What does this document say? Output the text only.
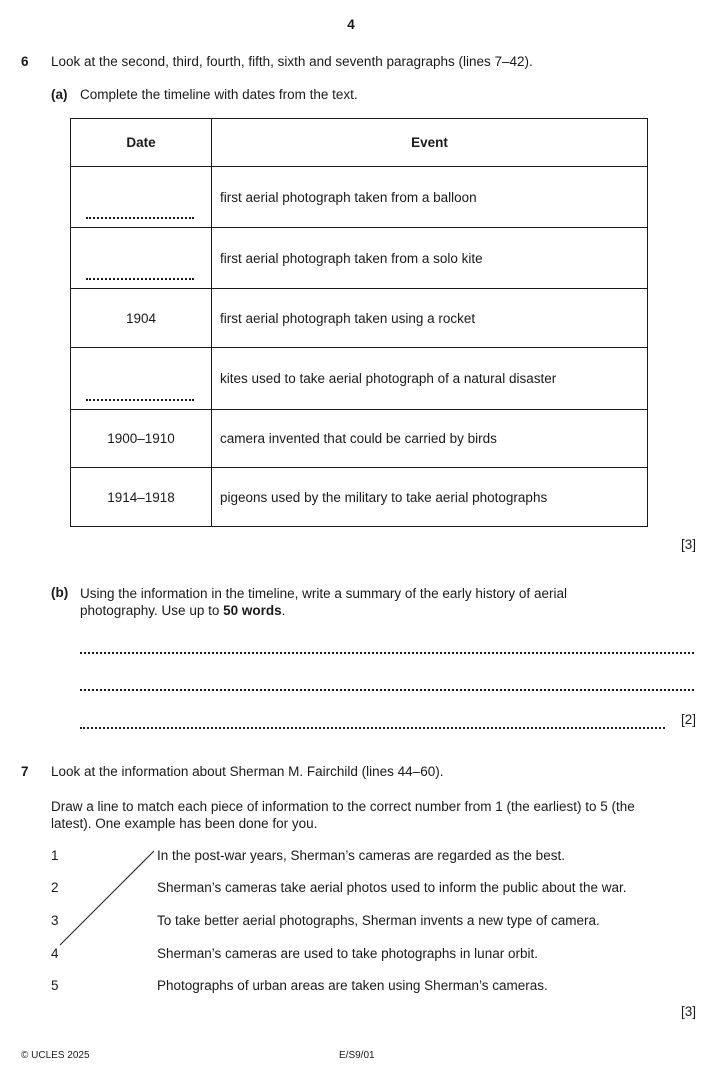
4
6 Look at the second, third, fourth, fifth, sixth and seventh paragraphs (lines 7–42).
(a) Complete the timeline with dates from the text.
Date	Event

	first aerial photograph taken from a balloon

	first aerial photograph taken from a solo kite
1904	first aerial photograph taken using a rocket

	kites used to take aerial photograph of a natural disaster
1900–1910	camera invented that could be carried by birds
1914–1918	pigeons used by the military to take aerial photographs
[3]
(b) Using the information in the timeline, write a summary of the early history of aerial photography. Use up to 50 words.
[2]
7 Look at the information about Sherman M. Fairchild (lines 44–60).
Draw a line to match each piece of information to the correct number from 1 (the earliest) to 5 (the latest). One example has been done for you.
1
2
3
4
5
In the post-war years, Sherman’s cameras are regarded as the best.
Sherman’s cameras take aerial photos used to inform the public about the war.
To take better aerial photographs, Sherman invents a new type of camera.
Sherman’s cameras are used to take photographs in lunar orbit.
Photographs of urban areas are taken using Sherman’s cameras.
[3]
© UCLES 2025	E/S9/01
